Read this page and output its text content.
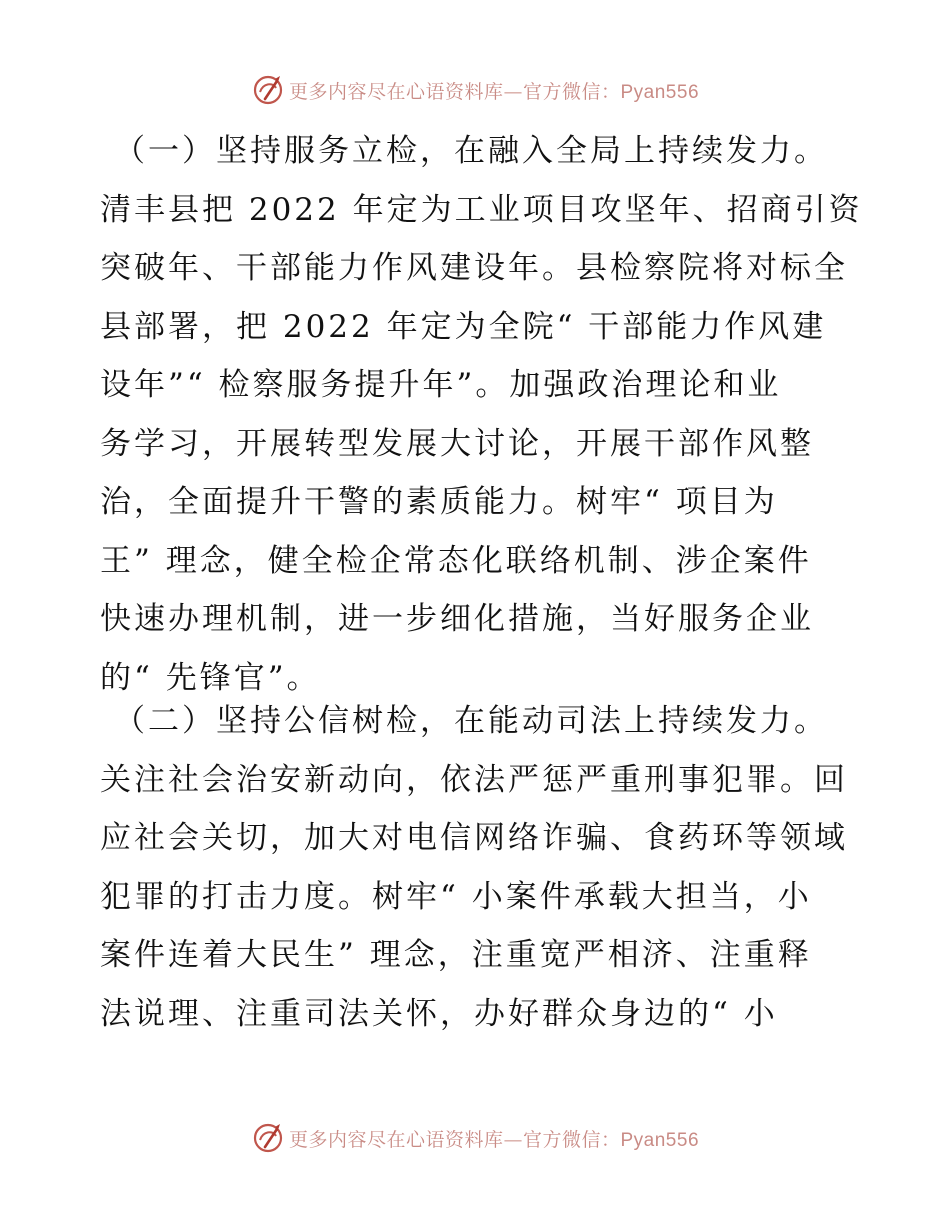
更多内容尽在心语资料库—官方微信：Pyan556
（一）坚持服务立检，在融入全局上持续发力。
清丰县把 2022 年定为工业项目攻坚年、招商引资
突破年、干部能力作风建设年。县检察院将对标全
县部署，把 2022 年定为全院“ 干部能力作风建
设年”“ 检察服务提升年”。加强政治理论和业
务学习，开展转型发展大讨论，开展干部作风整
治，全面提升干警的素质能力。树牢“ 项目为
王” 理念，健全检企常态化联络机制、涉企案件
快速办理机制，进一步细化措施，当好服务企业
的“ 先锋官”。
（二）坚持公信树检，在能动司法上持续发力。
关注社会治安新动向，依法严惩严重刑事犯罪。回
应社会关切，加大对电信网络诈骗、食药环等领域
犯罪的打击力度。树牢“ 小案件承载大担当，小
案件连着大民生” 理念，注重宽严相济、注重释
法说理、注重司法关怀，办好群众身边的“ 小
更多内容尽在心语资料库—官方微信：Pyan556
